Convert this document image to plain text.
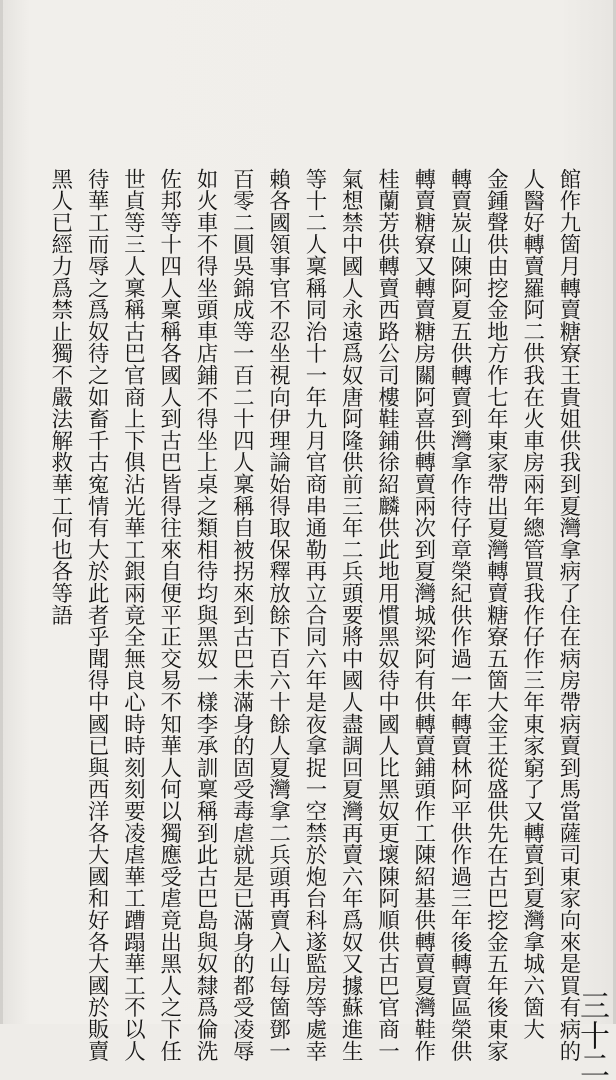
館作九箇月轉賣糖寮王貴姐供我到夏灣拿病了住在病房帶病賣到馬當薩司東家向來是買有病的

人醫好轉賣羅阿二供我在火車房兩年總管買我作仔作三年東家窮了又轉賣到夏灣拿城六箇大

金鍾聲供由挖金地方作七年東家帶出夏灣轉賣糖寮五箇大金王從盛供先在古巴挖金五年後東家

轉賣炭山陳阿夏五供轉賣到灣拿作待仔章榮紀供作過一年轉賣林阿平供作過三年後轉賣區榮供

轉賣糖寮又轉賣糖房關阿喜供轉賣兩次到夏灣城梁阿有供轉賣鋪頭作工陳紹基供轉賣夏灣鞋作

桂蘭芳供轉賣西路公司樓鞋鋪徐紹麟供此地用慣黑奴待中國人比黑奴更壞陳阿順供古巴官商一

氣想禁中國人永遠爲奴唐阿隆供前三年二兵頭要將中國人盡調回夏灣再賣六年爲奴又據蘇進生

等十二人稟稱同治十一年九月官商串通勒再立合同六年是夜拿捉一空禁於炮台科遂監房等處幸

賴各國領事官不忍坐視向伊理論始得取保釋放餘下百六十餘人夏灣拿二兵頭再賣入山每箇鄧一

百零二圓吳錦成等一百二十四人稟稱自被拐來到古巴未滿身的固受毒虐就是已滿身的都受凌辱

如火車不得坐頭車店鋪不得坐上桌之類相待均與黑奴一樣李承訓稟稱到此古巴島與奴隸爲倫洗

佐邦等十四人稟稱各國人到古巴皆得往來自便平正交易不知華人何以獨應受虐竟出黑人之下任

世貞等三人稟稱古巴官商上下俱沾光華工銀兩竟全無良心時時刻刻要凌虐華工蹧蹋華工不以人

待華工而辱之爲奴待之如畜千古寃情有大於此者乎聞得中國已與西洋各大國和好各大國於販賣

黑人已經力爲禁止獨不嚴法解救華工何也各等語

三十二
